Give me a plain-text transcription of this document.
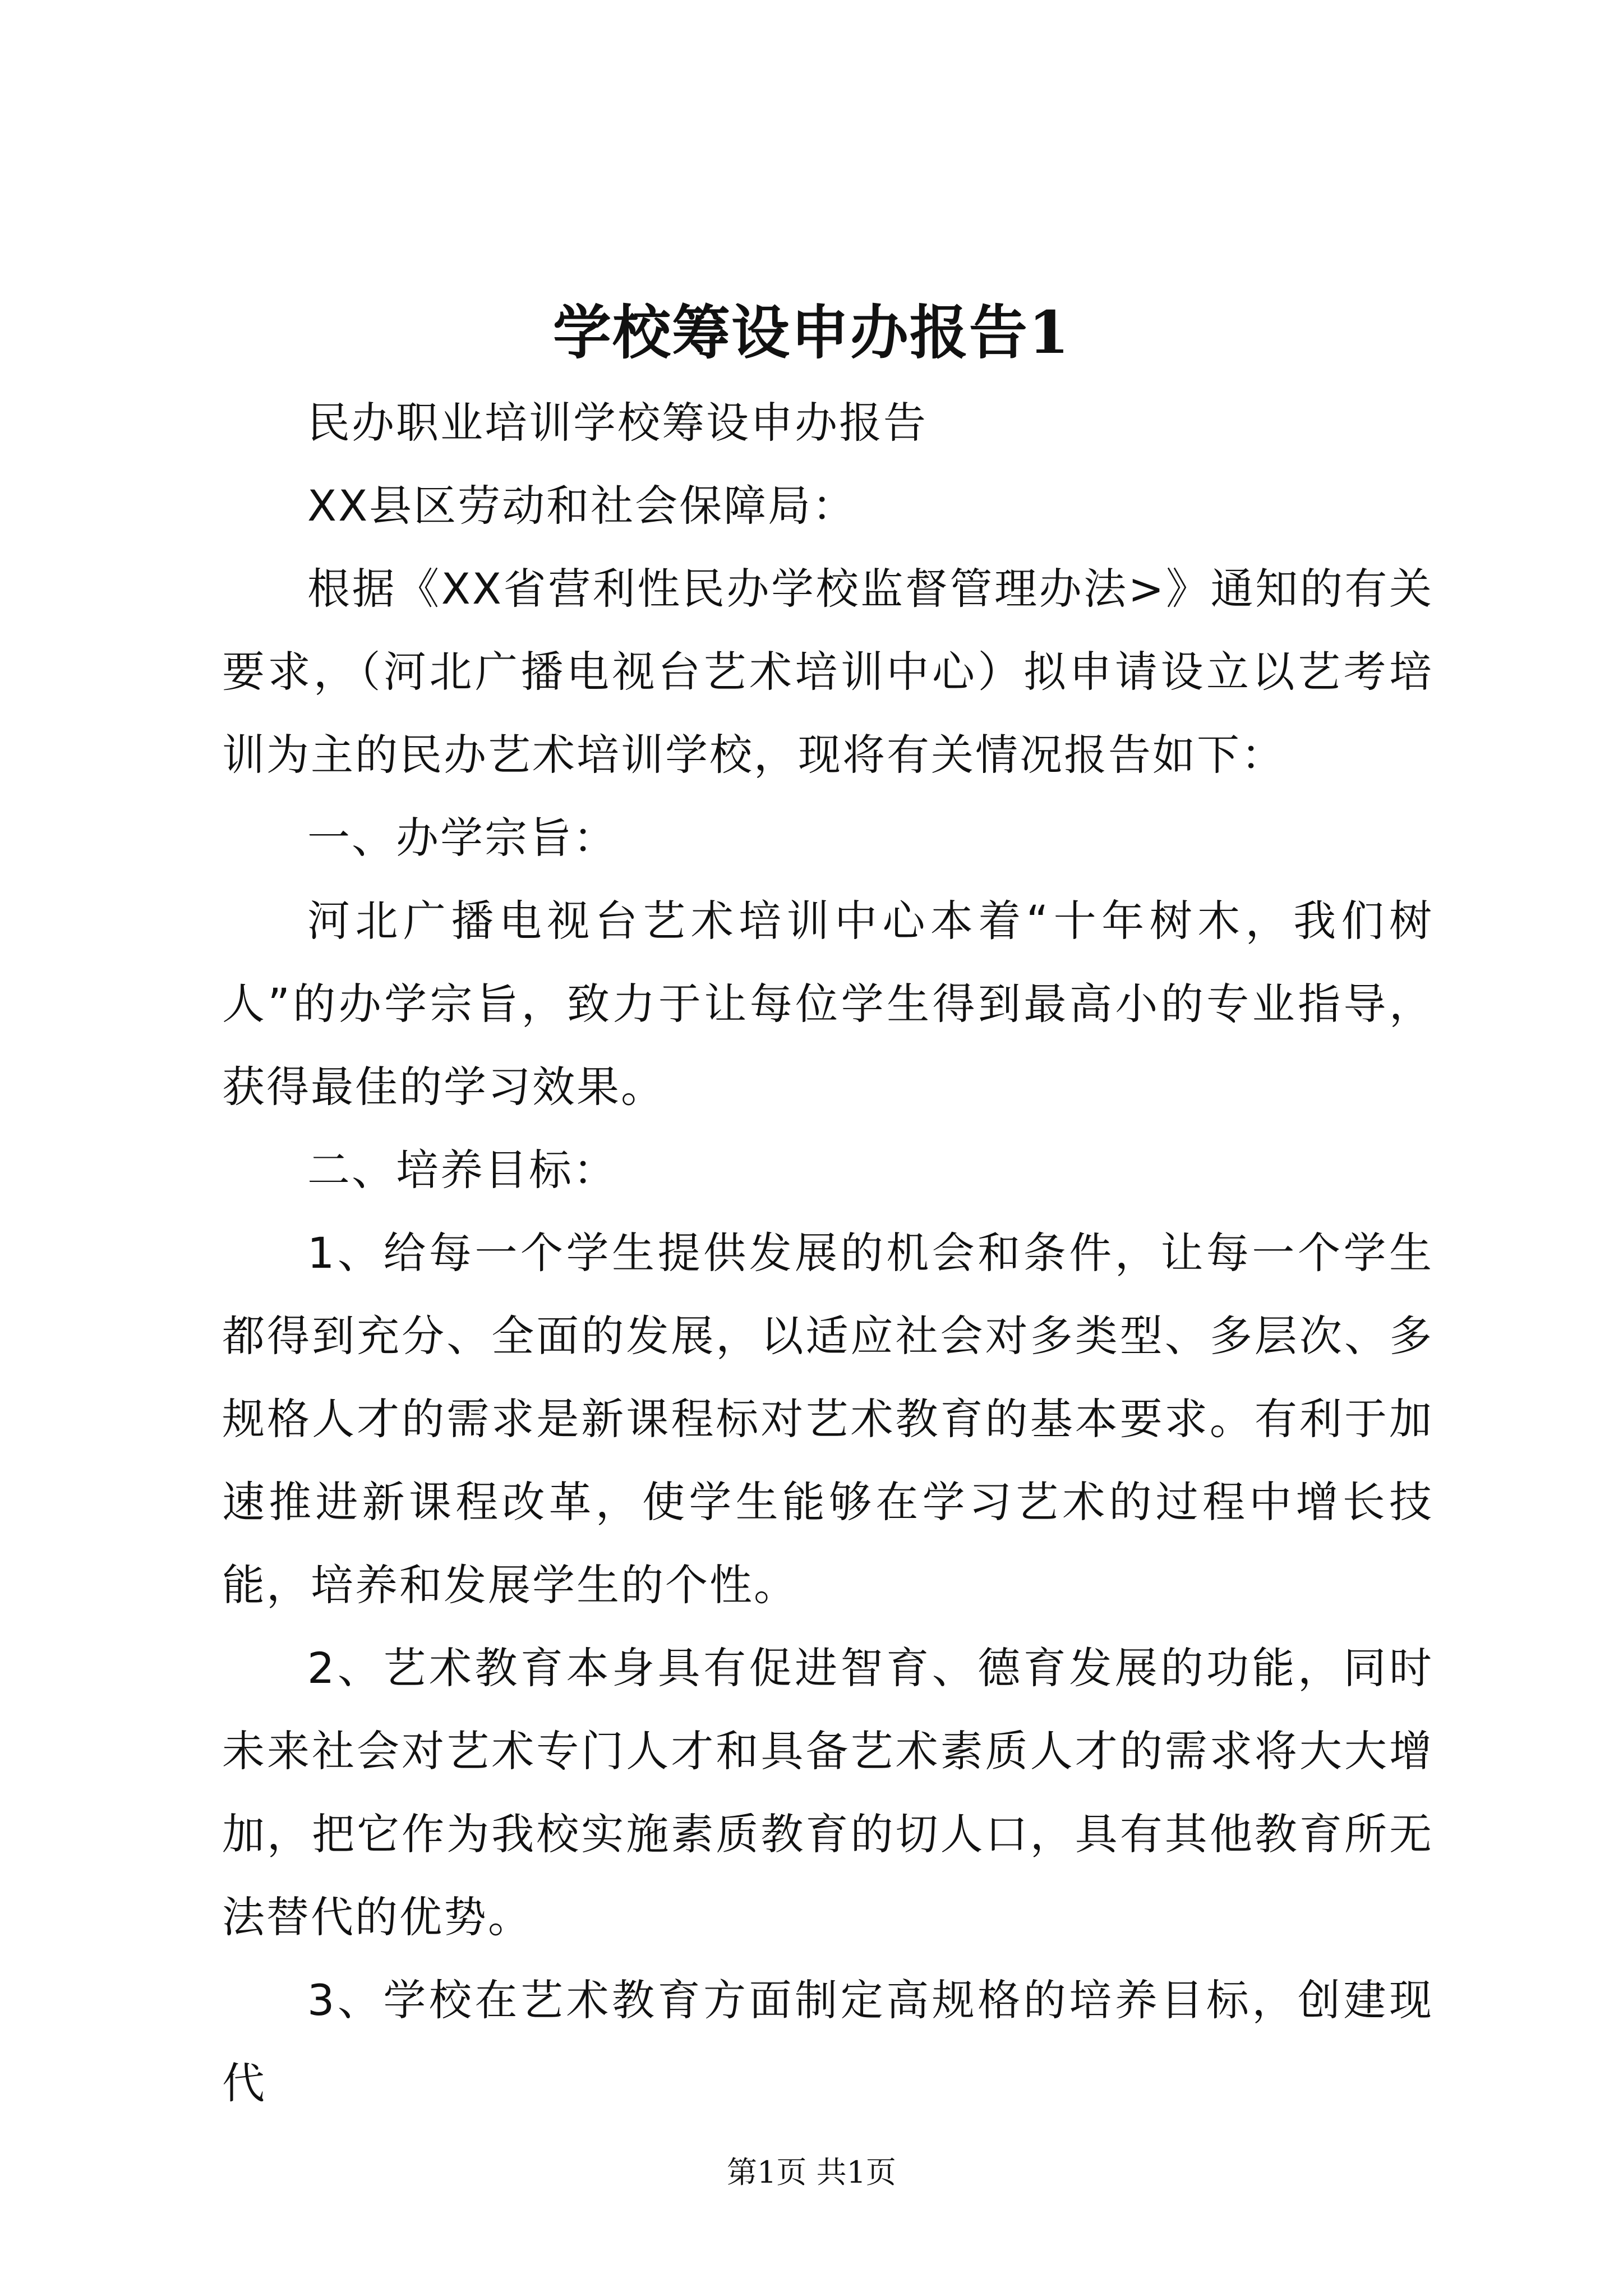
学校筹设申办报告1

民办职业培训学校筹设申办报告

XX县区劳动和社会保障局：

根据《XX省营利性民办学校监督管理办法>》通知的有关要求，（河北广播电视台艺术培训中心）拟申请设立以艺考培训为主的民办艺术培训学校，现将有关情况报告如下：

一、办学宗旨：

河北广播电视台艺术培训中心本着“十年树木，我们树人”的办学宗旨，致力于让每位学生得到最高小的专业指导，获得最佳的学习效果。

二、培养目标：

1、给每一个学生提供发展的机会和条件，让每一个学生都得到充分、全面的发展，以适应社会对多类型、多层次、多规格人才的需求是新课程标对艺术教育的基本要求。有利于加速推进新课程改革，使学生能够在学习艺术的过程中增长技能，培养和发展学生的个性。

2、艺术教育本身具有促进智育、德育发展的功能，同时未来社会对艺术专门人才和具备艺术素质人才的需求将大大增加，把它作为我校实施素质教育的切人口，具有其他教育所无法替代的优势。

3、学校在艺术教育方面制定高规格的培养目标，创建现代

第1页 共1页
